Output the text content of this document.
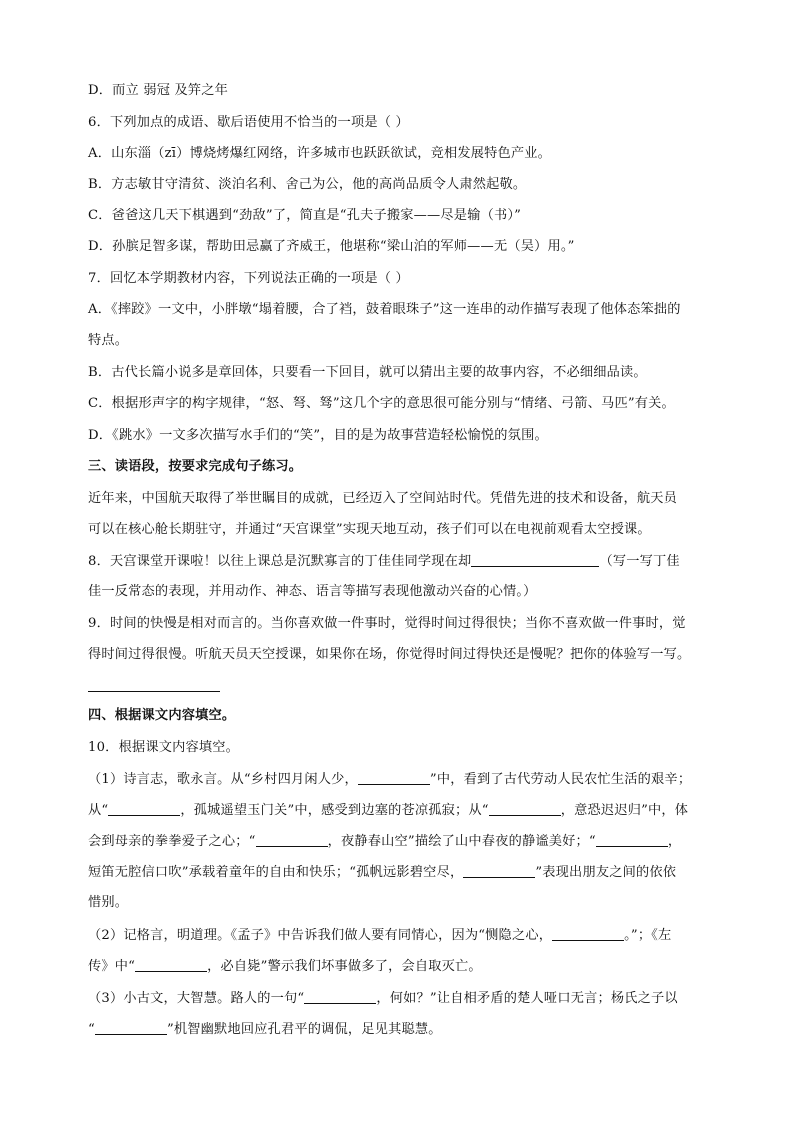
D．而立 弱冠 及笄之年
6．下列加点的成语、歇后语使用不恰当的一项是（ ）
A．山东淄（zī）博烧烤爆红网络，许多城市也跃跃欲试，竞相发展特色产业。
B．方志敏甘守清贫、淡泊名利、舍己为公，他的高尚品质令人肃然起敬。
C．爸爸这几天下棋遇到“劲敌”了，简直是“孔夫子搬家——尽是输（书）”
D．孙膑足智多谋，帮助田忌赢了齐威王，他堪称“梁山泊的军师——无（吴）用。”
7．回忆本学期教材内容，下列说法正确的一项是（ ）
A．《摔跤》一文中，小胖墩“塌着腰，合了裆，鼓着眼珠子”这一连串的动作描写表现了他体态笨拙的
特点。
B．古代长篇小说多是章回体，只要看一下回目，就可以猜出主要的故事内容，不必细细品读。
C．根据形声字的构字规律，“怒、弩、驽”这几个字的意思很可能分别与“情绪、弓箭、马匹”有关。
D．《跳水》一文多次描写水手们的“笑”，目的是为故事营造轻松愉悦的氛围。
三、读语段，按要求完成句子练习。
近年来，中国航天取得了举世瞩目的成就，已经迈入了空间站时代。凭借先进的技术和设备，航天员
可以在核心舱长期驻守，并通过“天宫课堂”实现天地互动，孩子们可以在电视前观看太空授课。
8．天宫课堂开课啦！以往上课总是沉默寡言的丁佳佳同学现在却	（写一写丁佳
佳一反常态的表现，并用动作、神态、语言等描写表现他激动兴奋的心情。）
9．时间的快慢是相对而言的。当你喜欢做一件事时，觉得时间过得很快；当你不喜欢做一件事时，觉
得时间过得很慢。听航天员天空授课，如果你在场，你觉得时间过得快还是慢呢？把你的体验写一写。
四、根据课文内容填空。
10．根据课文内容填空。
（1）诗言志，歌永言。从“乡村四月闲人少，	”中，看到了古代劳动人民农忙生活的艰辛；
从“	，孤城遥望玉门关”中，感受到边塞的苍凉孤寂；从“	，意恐迟迟归”中，体
会到母亲的拳拳爱子之心；“	，夜静春山空”描绘了山中春夜的静谧美好；“	，
短笛无腔信口吹”承载着童年的自由和快乐；“孤帆远影碧空尽，	”表现出朋友之间的依依
惜别。
（2）记格言，明道理。《孟子》中告诉我们做人要有同情心，因为“恻隐之心，	。”；《左
传》中“	，必自毙”警示我们坏事做多了，会自取灭亡。
（3）小古文，大智慧。路人的一句“	，何如？”让自相矛盾的楚人哑口无言；杨氏之子以
“	”机智幽默地回应孔君平的调侃，足见其聪慧。
